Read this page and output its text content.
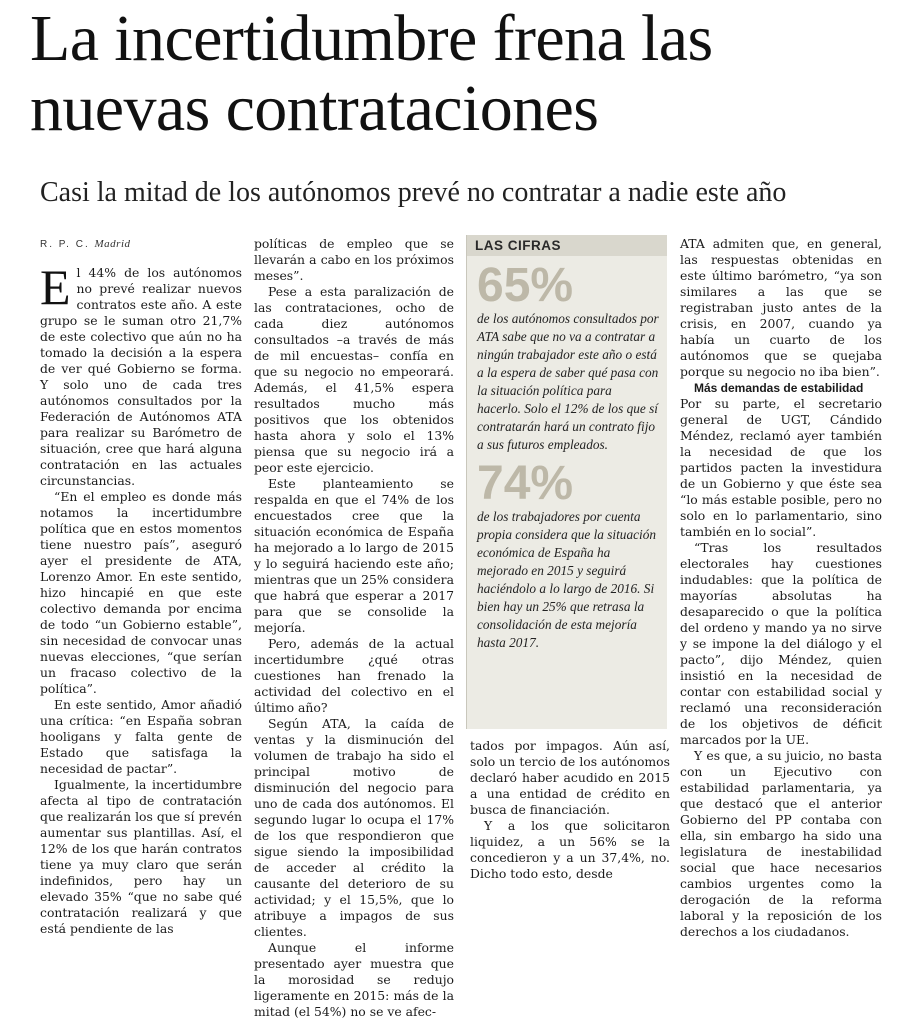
La incertidumbre frena las nuevas contrataciones
Casi la mitad de los autónomos prevé no contratar a nadie este año
R. P. C. Madrid

El 44% de los autónomos no prevé realizar nuevos contratos este año. A este grupo se le suman otro 21,7% de este colectivo que aún no ha tomado la decisión a la espera de ver qué Gobierno se forma. Y solo uno de cada tres autónomos consultados por la Federación de Autónomos ATA para realizar su Barómetro de situación, cree que hará alguna contratación en las actuales circunstancias.

“En el empleo es donde más notamos la incertidumbre política que en estos momentos tiene nuestro país”, aseguró ayer el presidente de ATA, Lorenzo Amor. En este sentido, hizo hincapié en que este colectivo demanda por encima de todo “un Gobierno estable”, sin necesidad de convocar unas nuevas elecciones, “que serían un fracaso colectivo de la política”.

En este sentido, Amor añadió una crítica: “en España sobran hooligans y falta gente de Estado que satisfaga la necesidad de pactar”.

Igualmente, la incertidumbre afecta al tipo de contratación que realizarán los que sí prevén aumentar sus plantillas. Así, el 12% de los que harán contratos tiene ya muy claro que serán indefinidos, pero hay un elevado 35% “que no sabe qué contratación realizará y que está pendiente de las

políticas de empleo que se llevarán a cabo en los próximos meses”.

Pese a esta paralización de las contrataciones, ocho de cada diez autónomos consultados –a través de más de mil encuestas– confía en que su negocio no empeorará. Además, el 41,5% espera resultados mucho más positivos que los obtenidos hasta ahora y solo el 13% piensa que su negocio irá a peor este ejercicio.

Este planteamiento se respalda en que el 74% de los encuestados cree que la situación económica de España ha mejorado a lo largo de 2015 y lo seguirá haciendo este año; mientras que un 25% considera que habrá que esperar a 2017 para que se consolide la mejoría.

Pero, además de la actual incertidumbre ¿qué otras cuestiones han frenado la actividad del colectivo en el último año?

Según ATA, la caída de ventas y la disminución del volumen de trabajo ha sido el principal motivo de disminución del negocio para uno de cada dos autónomos. El segundo lugar lo ocupa el 17% de los que respondieron que sigue siendo la imposibilidad de acceder al crédito la causante del deterioro de su actividad; y el 15,5%, que lo atribuye a impagos de sus clientes.

Aunque el informe presentado ayer muestra que la morosidad se redujo ligeramente en 2015: más de la mitad (el 54%) no se ve afec-

LAS CIFRAS
65%
de los autónomos consultados por ATA sabe que no va a contratar a ningún trabajador este año o está a la espera de saber qué pasa con la situación política para hacerlo. Solo el 12% de los que sí contratarán hará un contrato fijo a sus futuros empleados.
74%
de los trabajadores por cuenta propia considera que la situación económica de España ha mejorado en 2015 y seguirá haciéndolo a lo largo de 2016. Si bien hay un 25% que retrasa la consolidación de esta mejoría hasta 2017.

tados por impagos. Aún así, solo un tercio de los autónomos declaró haber acudido en 2015 a una entidad de crédito en busca de financiación.

Y a los que solicitaron liquidez, a un 56% se la concedieron y a un 37,4%, no. Dicho todo esto, desde

ATA admiten que, en general, las respuestas obtenidas en este último barómetro, “ya son similares a las que se registraban justo antes de la crisis, en 2007, cuando ya había un cuarto de los autónomos que se quejaba porque su negocio no iba bien”.

Más demandas de estabilidad

Por su parte, el secretario general de UGT, Cándido Méndez, reclamó ayer también la necesidad de que los partidos pacten la investidura de un Gobierno y que éste sea “lo más estable posible, pero no solo en lo parlamentario, sino también en lo social”.

“Tras los resultados electorales hay cuestiones indudables: que la política de mayorías absolutas ha desaparecido o que la política del ordeno y mando ya no sirve y se impone la del diálogo y el pacto”, dijo Méndez, quien insistió en la necesidad de contar con estabilidad social y reclamó una reconsideración de los objetivos de déficit marcados por la UE.

Y es que, a su juicio, no basta con un Ejecutivo con estabilidad parlamentaria, ya que destacó que el anterior Gobierno del PP contaba con ella, sin embargo ha sido una legislatura de inestabilidad social que hace necesarios cambios urgentes como la derogación de la reforma laboral y la reposición de los derechos a los ciudadanos.
